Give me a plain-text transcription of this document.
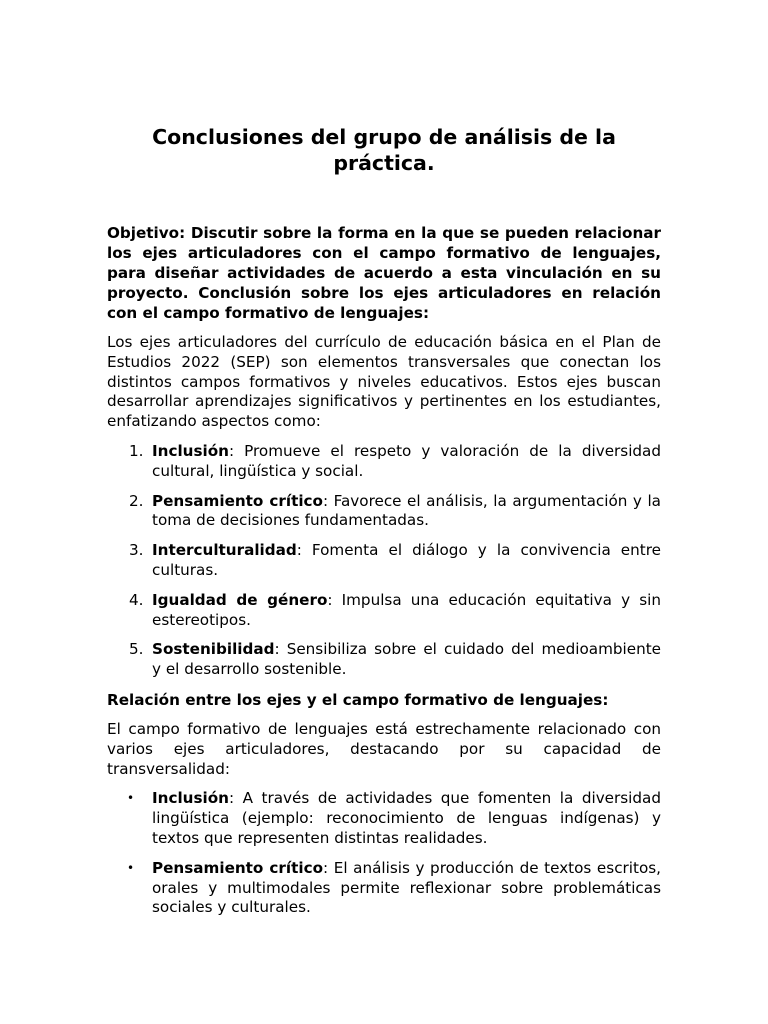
Conclusiones del grupo de análisis de la práctica.

Objetivo: Discutir sobre la forma en la que se pueden relacionar los ejes articuladores con el campo formativo de lenguajes, para diseñar actividades de acuerdo a esta vinculación en su proyecto. Conclusión sobre los ejes articuladores en relación con el campo formativo de lenguajes:

Los ejes articuladores del currículo de educación básica en el Plan de Estudios 2022 (SEP) son elementos transversales que conectan los distintos campos formativos y niveles educativos. Estos ejes buscan desarrollar aprendizajes significativos y pertinentes en los estudiantes, enfatizando aspectos como:

1. Inclusión: Promueve el respeto y valoración de la diversidad cultural, lingüística y social.
2. Pensamiento crítico: Favorece el análisis, la argumentación y la toma de decisiones fundamentadas.
3. Interculturalidad: Fomenta el diálogo y la convivencia entre culturas.
4. Igualdad de género: Impulsa una educación equitativa y sin estereotipos.
5. Sostenibilidad: Sensibiliza sobre el cuidado del medioambiente y el desarrollo sostenible.

Relación entre los ejes y el campo formativo de lenguajes:

El campo formativo de lenguajes está estrechamente relacionado con varios ejes articuladores, destacando por su capacidad de transversalidad:

• Inclusión: A través de actividades que fomenten la diversidad lingüística (ejemplo: reconocimiento de lenguas indígenas) y textos que representen distintas realidades.
• Pensamiento crítico: El análisis y producción de textos escritos, orales y multimodales permite reflexionar sobre problemáticas sociales y culturales.
